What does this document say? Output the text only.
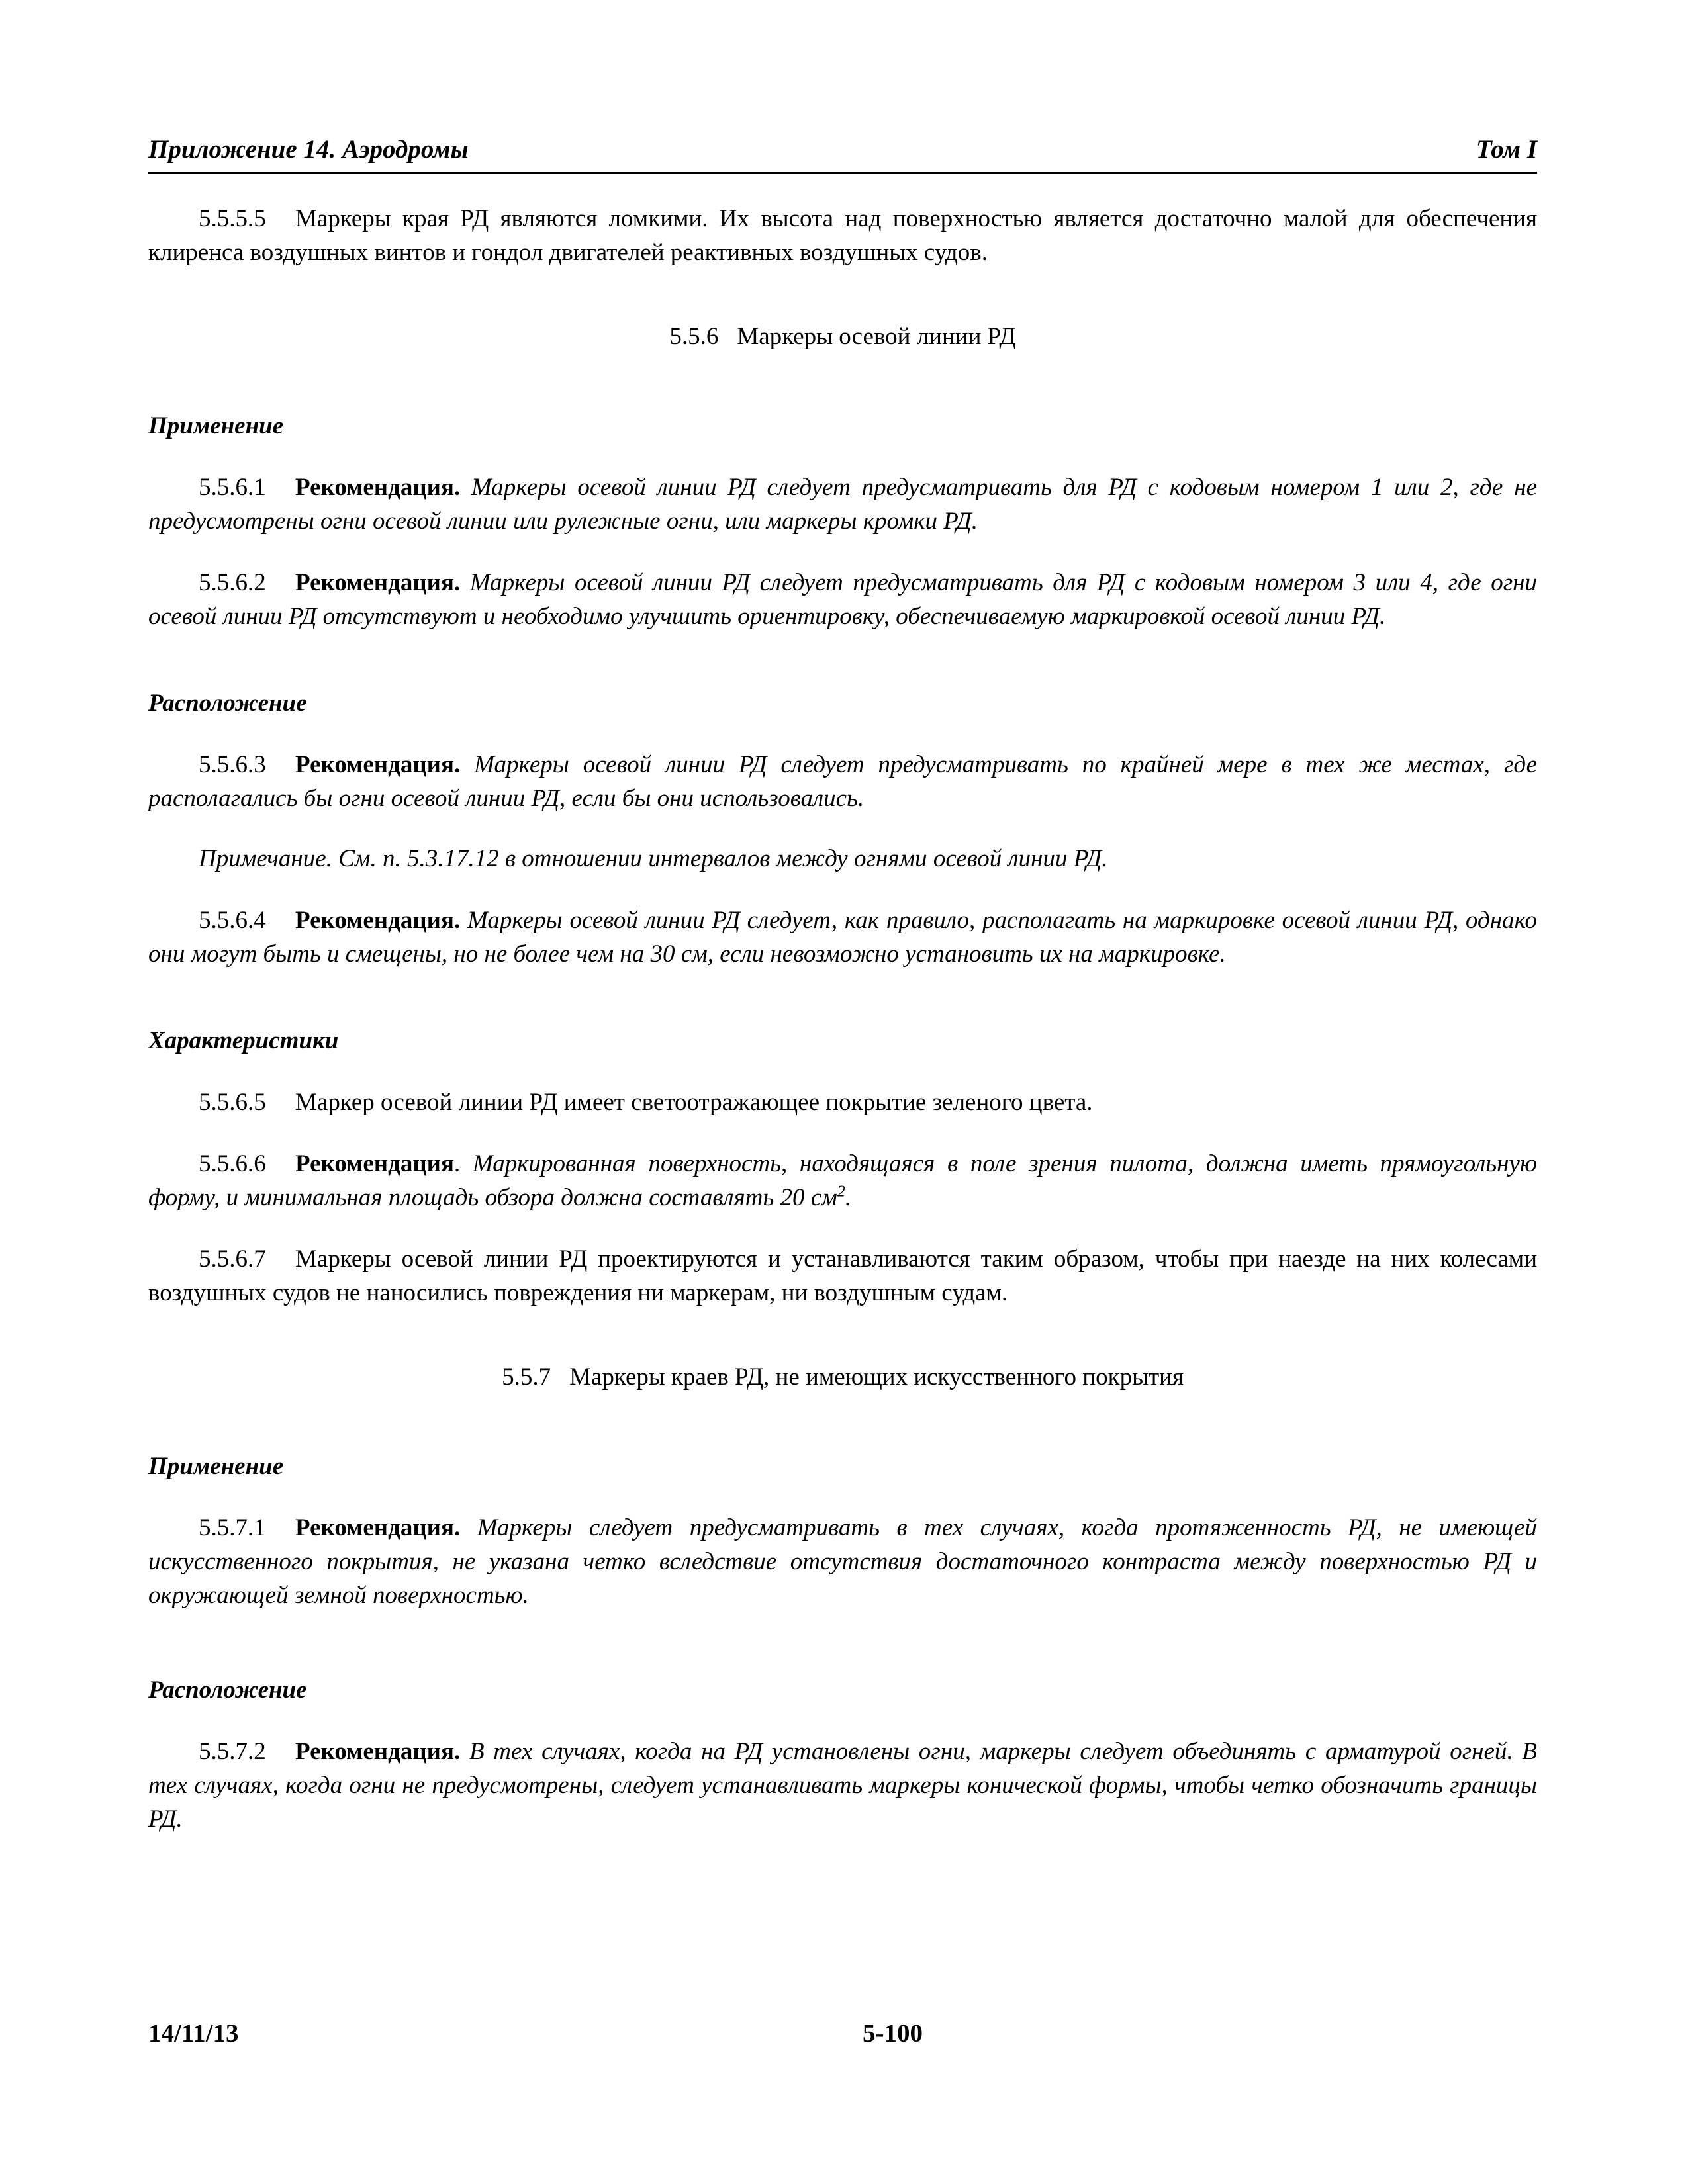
Приложение 14. Аэродромы	Том I

5.5.5.5 Маркеры края РД являются ломкими. Их высота над поверхностью является достаточно малой для обеспечения клиренса воздушных винтов и гондол двигателей реактивных воздушных судов.

5.5.6 Маркеры осевой линии РД

Применение

5.5.6.1 Рекомендация. Маркеры осевой линии РД следует предусматривать для РД с кодовым номером 1 или 2, где не предусмотрены огни осевой линии или рулежные огни, или маркеры кромки РД.

5.5.6.2 Рекомендация. Маркеры осевой линии РД следует предусматривать для РД с кодовым номером 3 или 4, где огни осевой линии РД отсутствуют и необходимо улучшить ориентировку, обеспечиваемую маркировкой осевой линии РД.

Расположение

5.5.6.3 Рекомендация. Маркеры осевой линии РД следует предусматривать по крайней мере в тех же местах, где располагались бы огни осевой линии РД, если бы они использовались.

Примечание. См. п. 5.3.17.12 в отношении интервалов между огнями осевой линии РД.

5.5.6.4 Рекомендация. Маркеры осевой линии РД следует, как правило, располагать на маркировке осевой линии РД, однако они могут быть и смещены, но не более чем на 30 см, если невозможно установить их на маркировке.

Характеристики

5.5.6.5 Маркер осевой линии РД имеет светоотражающее покрытие зеленого цвета.

5.5.6.6 Рекомендация. Маркированная поверхность, находящаяся в поле зрения пилота, должна иметь прямоугольную форму, и минимальная площадь обзора должна составлять 20 $см^2$.

5.5.6.7 Маркеры осевой линии РД проектируются и устанавливаются таким образом, чтобы при наезде на них колесами воздушных судов не наносились повреждения ни маркерам, ни воздушным судам.

5.5.7 Маркеры краев РД, не имеющих искусственного покрытия

Применение

5.5.7.1 Рекомендация. Маркеры следует предусматривать в тех случаях, когда протяженность РД, не имеющей искусственного покрытия, не указана четко вследствие отсутствия достаточного контраста между поверхностью РД и окружающей земной поверхностью.

Расположение

5.5.7.2 Рекомендация. В тех случаях, когда на РД установлены огни, маркеры следует объединять с арматурой огней. В тех случаях, когда огни не предусмотрены, следует устанавливать маркеры конической формы, чтобы четко обозначить границы РД.

14/11/13	5-100
